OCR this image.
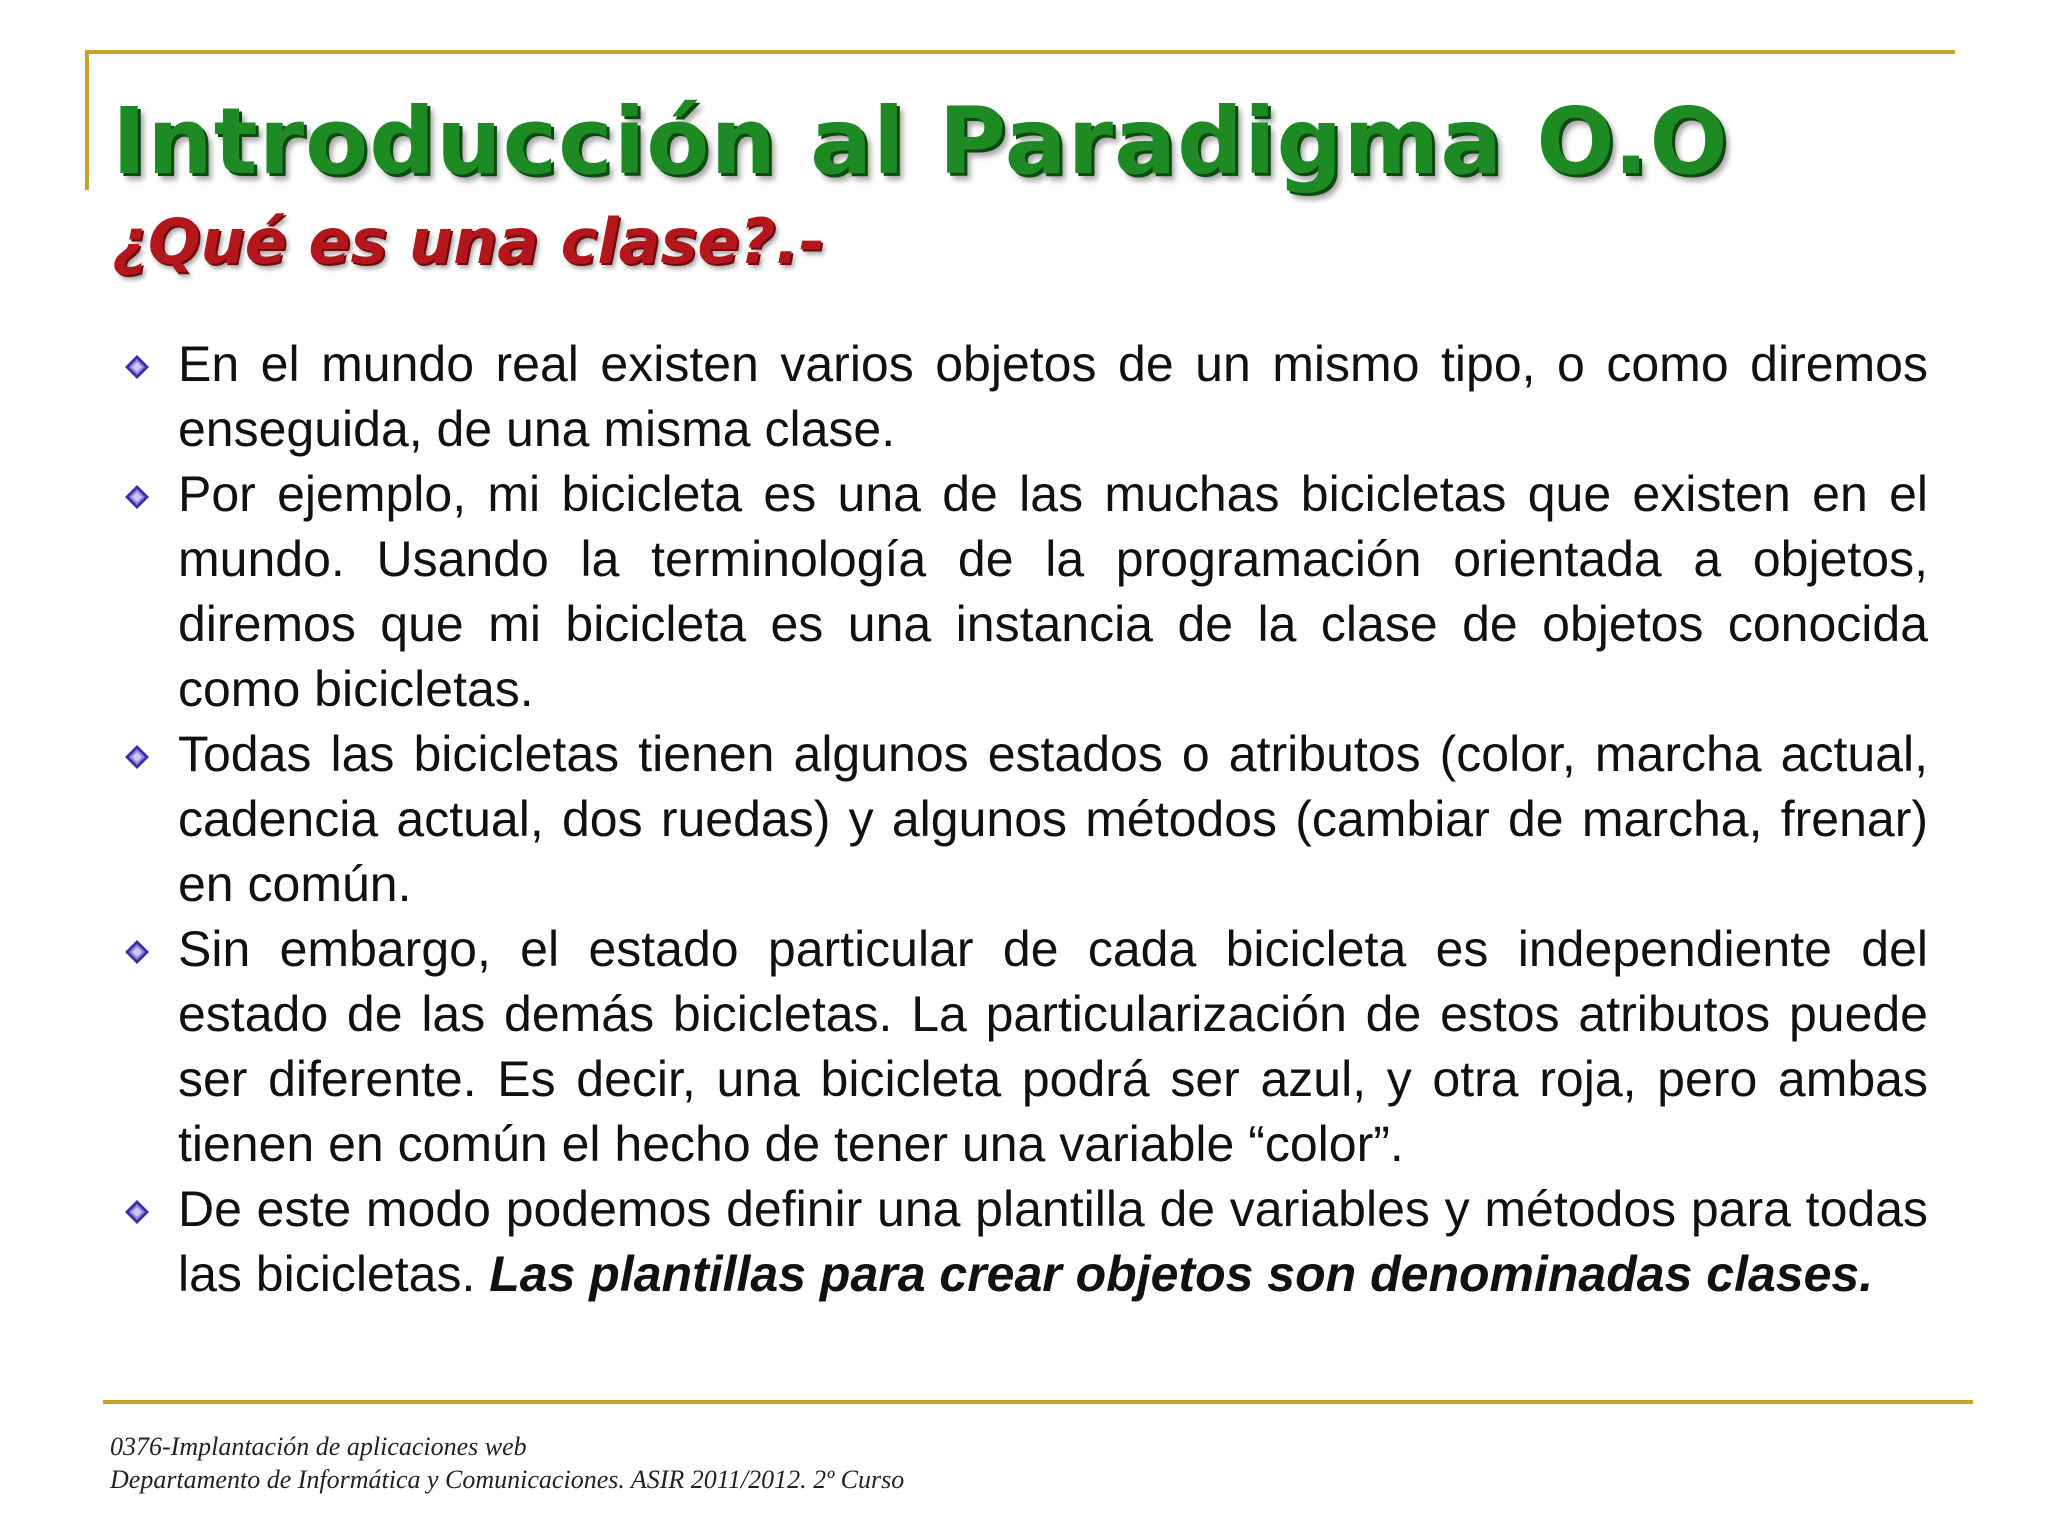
Introducción al Paradigma O.O
¿Qué es una clase?.-
En el mundo real existen varios objetos de un mismo tipo, o como diremos enseguida, de una misma clase.
Por ejemplo, mi bicicleta es una de las muchas bicicletas que existen en el mundo. Usando la terminología de la programación orientada a objetos, diremos que mi bicicleta es una instancia de la clase de objetos conocida como bicicletas.
Todas las bicicletas tienen algunos estados o atributos (color, marcha actual, cadencia actual, dos ruedas) y algunos métodos (cambiar de marcha, frenar) en común.
Sin embargo, el estado particular de cada bicicleta es independiente del estado de las demás bicicletas. La particularización de estos atributos puede ser diferente. Es decir, una bicicleta podrá ser azul, y otra roja, pero ambas tienen en común el hecho de tener una variable “color”.
De este modo podemos definir una plantilla de variables y métodos para todas las bicicletas. Las plantillas para crear objetos son denominadas clases.
0376-Implantación de aplicaciones web
Departamento de Informática y Comunicaciones. ASIR 2011/2012. 2º Curso
